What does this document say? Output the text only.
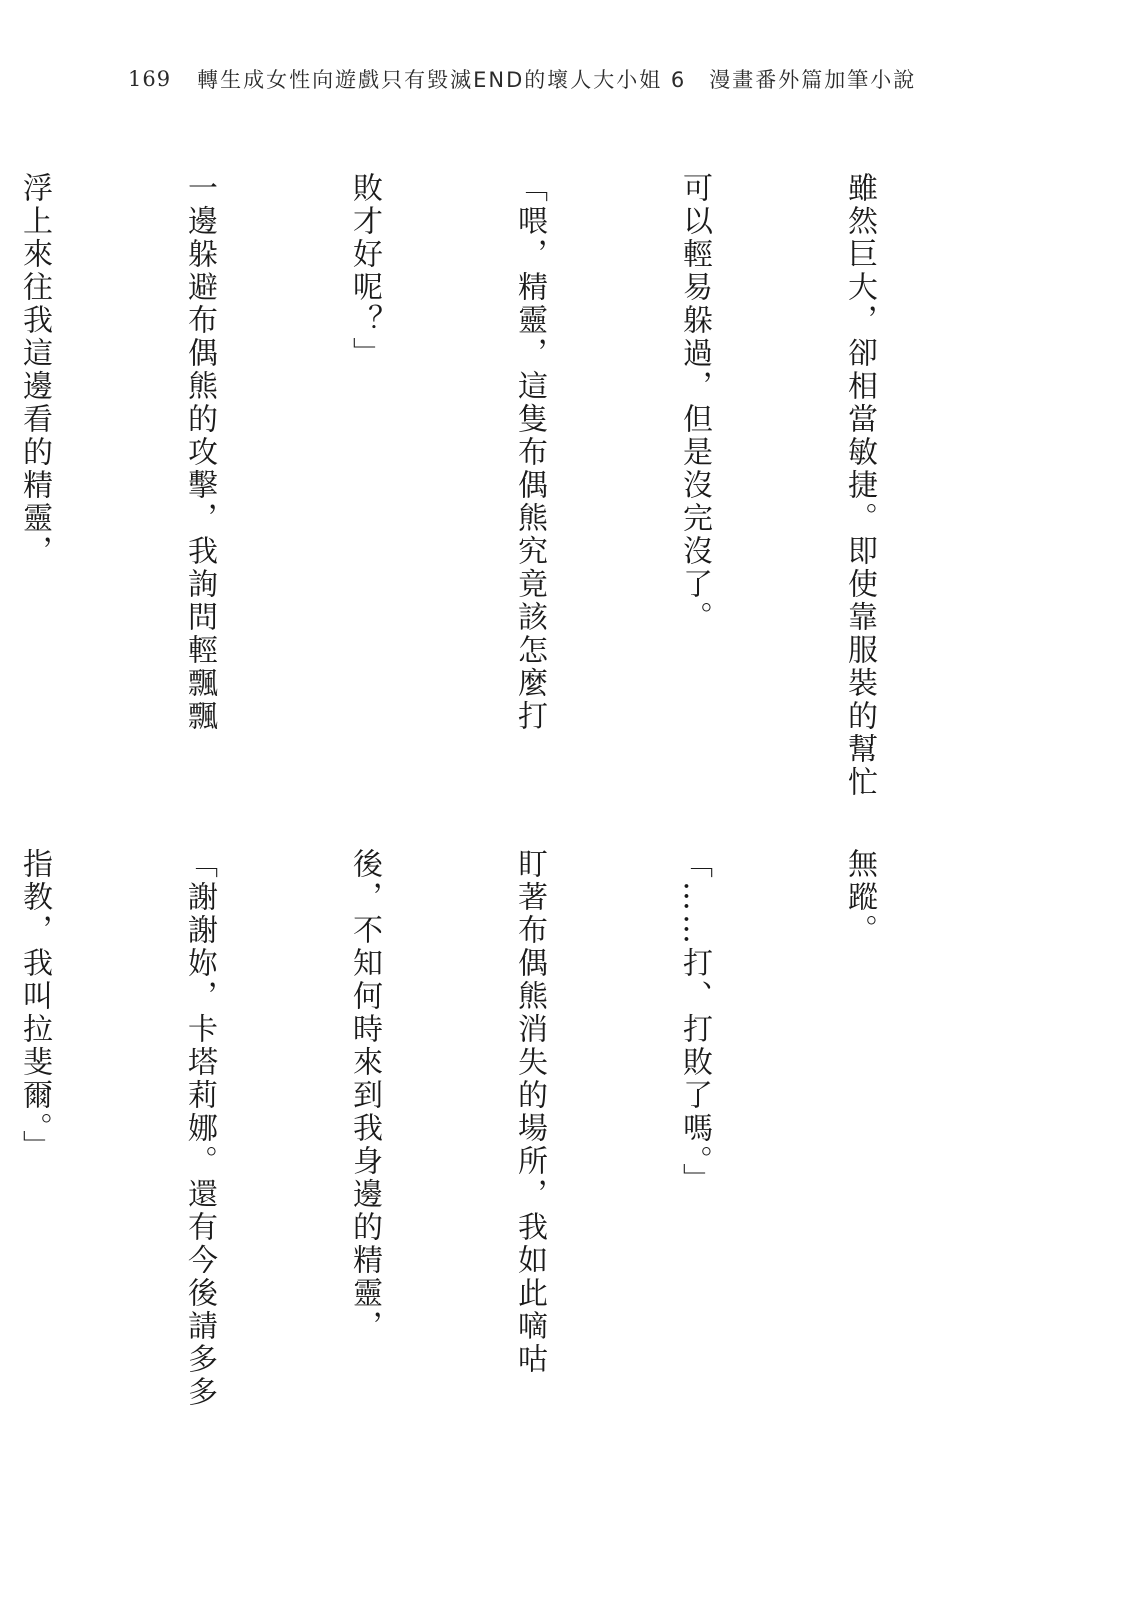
169 轉生成女性向遊戲只有毀滅END的壞人大小姐 6　漫畫番外篇加筆小說

雖然巨大，卻相當敏捷。即使靠服裝的幫忙

可以輕易躲過，但是沒完沒了。

「喂，精靈，這隻布偶熊究竟該怎麼打

敗才好呢？」

一邊躲避布偶熊的攻擊，我詢問輕飄飄

浮上來往我這邊看的精靈，

無蹤。

「……打、打敗了嗎。」

盯著布偶熊消失的場所，我如此嘀咕

後，不知何時來到我身邊的精靈，

「謝謝妳，卡塔莉娜。還有今後請多多

指教，我叫拉斐爾。」
